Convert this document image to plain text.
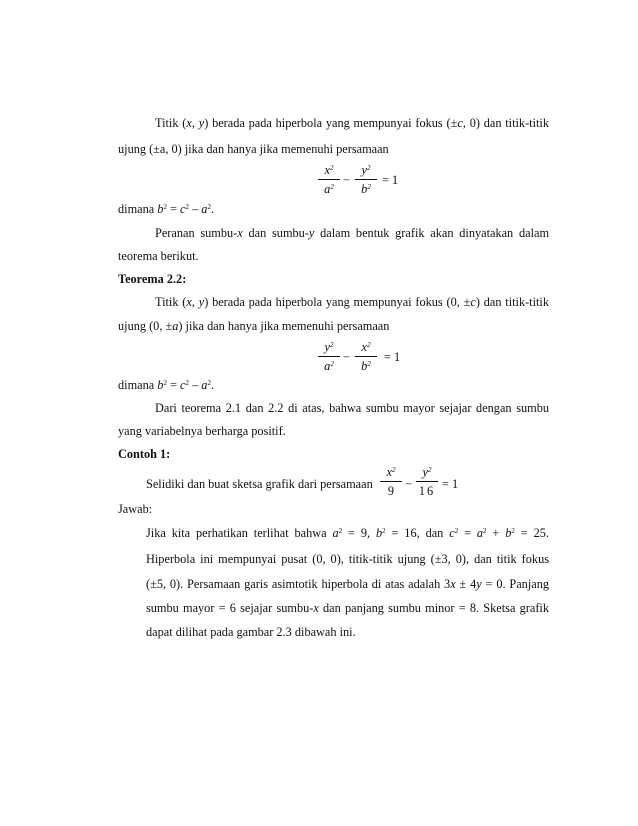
Titik (x, y) berada pada hiperbola yang mempunyai fokus (±c, 0) dan titik-titik
ujung (±a, 0) jika dan hanya jika memenuhi persamaan
$x^2$
$a^2$
−
$y^2$
$b^2$
= 1
dimana $b^2 = c^2 - a^2$.
Peranan sumbu-x dan sumbu-y dalam bentuk grafik akan dinyatakan dalam
teorema berikut.
Teorema 2.2:
Titik (x, y) berada pada hiperbola yang mempunyai fokus (0, ±c) dan titik-titik
ujung (0, ±a) jika dan hanya jika memenuhi persamaan
$y^2$
$a^2$
−
$x^2$
$b^2$
= 1
dimana $b^2 = c^2 - a^2$.
Dari teorema 2.1 dan 2.2 di atas, bahwa sumbu mayor sejajar dengan sumbu
yang variabelnya berharga positif.
Contoh 1:
Selidiki dan buat sketsa grafik dari persamaan
$x^2$
9
−
$y^2$
16
= 1
Jawab:
Jika kita perhatikan terlihat bahwa $a^2 = 9$, $b^2 = 16$, dan $c^2 = a^2 + b^2 = 25$.
Hiperbola ini mempunyai pusat (0, 0), titik-titik ujung (±3, 0), dan titik fokus
(±5, 0). Persamaan garis asimtotik hiperbola di atas adalah 3x ± 4y = 0. Panjang
sumbu mayor = 6 sejajar sumbu-x dan panjang sumbu minor = 8. Sketsa grafik
dapat dilihat pada gambar 2.3 dibawah ini.
